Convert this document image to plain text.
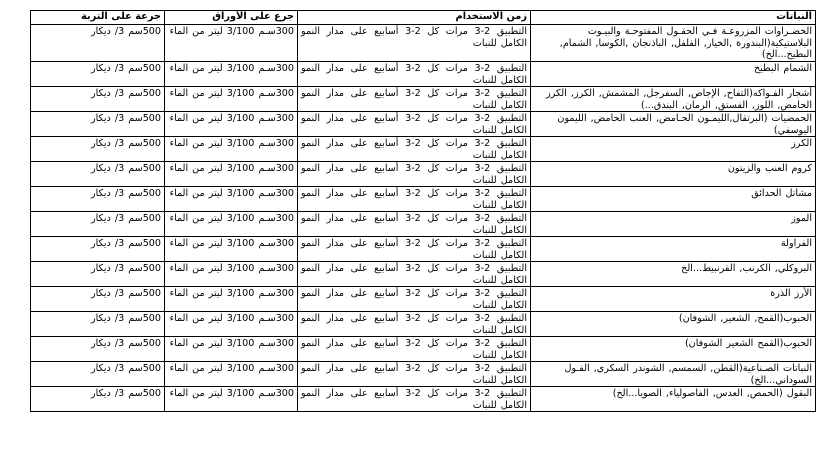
النباتات	زمن الاستخدام	جرع على الأوراق	جرعة على التربة
الخضـراوات المزروعـة فـي الحقـول المفتوحـة والبيـوت البلاستيكية(البندورة ,الخيار, الفلفل, الباذنجان ,الكوسا, الشمام, البطيخ...الخ)	التطبيق 2-3 مرات كل 2-3 أسابيع على مدار النمو الكامل للنبات	300سـم 3/100 ليتر من الماء	500سم 3/ دیکار
الشمام البطيخ	التطبيق 2-3 مرات كل 2-3 أسابيع على مدار النمو الكامل للنبات	300سـم 3/100 ليتر من الماء	500سم 3/ دیکار
أشجار الفـواكه(التفاح, الإجاص, السفرجل, المشمش, الكرز, الكرز الحامض, اللوز, الفستق, الرمان, البندق...)	التطبيق 2-3 مرات كل 2-3 أسابيع على مدار النمو الكامل للنبات	300سـم 3/100 ليتر من الماء	500سم 3/ دیکار
الحمضيات (البرتقال,الليمـون الحـامض, العنب الحامض, الليمون اليوسفي)	التطبيق 2-3 مرات كل 2-3 أسابيع على مدار النمو الكامل للنبات	300سـم 3/100 ليتر من الماء	500سم 3/ دیکار
الكرز	التطبيق 2-3 مرات كل 2-3 أسابيع على مدار النمو الكامل للنبات	300سـم 3/100 ليتر من الماء	500سم 3/ دیکار
كروم العنب والزيتون	التطبيق 2-3 مرات كل 2-3 أسابيع على مدار النمو الكامل للنبات	300سـم 3/100 ليتر من الماء	500سم 3/ دیکار
مشاتل الحدائق	التطبيق 2-3 مرات كل 2-3 أسابيع على مدار النمو الكامل للنبات	300سـم 3/100 ليتر من الماء	500سم 3/ دیکار
الموز	التطبيق 2-3 مرات كل 2-3 أسابيع على مدار النمو الكامل للنبات	300سـم 3/100 ليتر من الماء	500سم 3/ دیکار
الفراولة	التطبيق 2-3 مرات كل 2-3 أسابيع على مدار النمو الكامل للنبات	300سـم 3/100 ليتر من الماء	500سم 3/ دیکار
البروكلي, الكرنب, القرنبيط...الخ	التطبيق 2-3 مرات كل 2-3 أسابيع على مدار النمو الكامل للنبات	300سـم 3/100 ليتر من الماء	500سم 3/ دیکار
الأرز الذرة	التطبيق 2-3 مرات كل 2-3 أسابيع على مدار النمو الكامل للنبات	300سـم 3/100 ليتر من الماء	500سم 3/ دیکار
الحبوب(القمح, الشعير, الشوفان)	التطبيق 2-3 مرات كل 2-3 أسابيع على مدار النمو الكامل للنبات	300سـم 3/100 ليتر من الماء	500سم 3/ دیکار
الحبوب(القمح الشعير الشوفان)	التطبيق 2-3 مرات كل 2-3 أسابيع على مدار النمو الكامل للنبات	300سـم 3/100 ليتر من الماء	500سم 3/ دیکار
النباتات الصـناعية(القطن, السمسم, الشوندر السكري, الفـول السوداني...الخ)	التطبيق 2-3 مرات كل 2-3 أسابيع على مدار النمو الكامل للنبات	300سـم 3/100 ليتر من الماء	500سم 3/ دیکار
البقول (الحمص, العدس, الفاصولياء, الصويا...الخ)	التطبيق 2-3 مرات كل 2-3 أسابيع على مدار النمو الكامل للنبات	300سـم 3/100 ليتر من الماء	500سم 3/ دیکار
